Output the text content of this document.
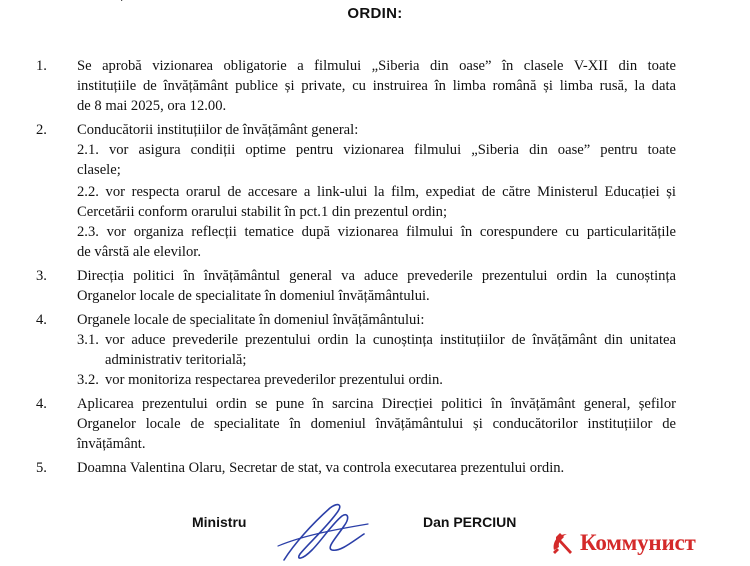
·
ORDIN:
1. Se aprobă vizionarea obligatorie a filmului „Siberia din oase” în clasele V-XII din toate
instituțiile de învățământ publice și private, cu instruirea în limba română și limba rusă, la data
de 8 mai 2025, ora 12.00.
2. Conducătorii instituțiilor de învățământ general:
2.1. vor asigura condiții optime pentru vizionarea filmului „Siberia din oase” pentru toate
clasele;
2.2. vor respecta orarul de accesare a link-ului la film, expediat de către Ministerul Educației și
Cercetării conform orarului stabilit în pct.1 din prezentul ordin;
2.3. vor organiza reflecții tematice după vizionarea filmului în corespundere cu particularitățile
de vârstă ale elevilor.
3. Direcția politici în învățământul general va aduce prevederile prezentului ordin la cunoștința
Organelor locale de specialitate în domeniul învățământului.
4. Organele locale de specialitate în domeniul învățământului:
3.1. vor aduce prevederile prezentului ordin la cunoștința instituțiilor de învățământ din unitatea
administrativ teritorială;
3.2. vor monitoriza respectarea prevederilor prezentului ordin.
4. Aplicarea prezentului ordin se pune în sarcina Direcției politici în învățământ general, șefilor
Organelor locale de specialitate în domeniul învățământului și conducătorilor instituțiilor de
învățământ.
5. Doamna Valentina Olaru, Secretar de stat, va controla executarea prezentului ordin.
Ministru	Dan PERCIUN
Коммунист
